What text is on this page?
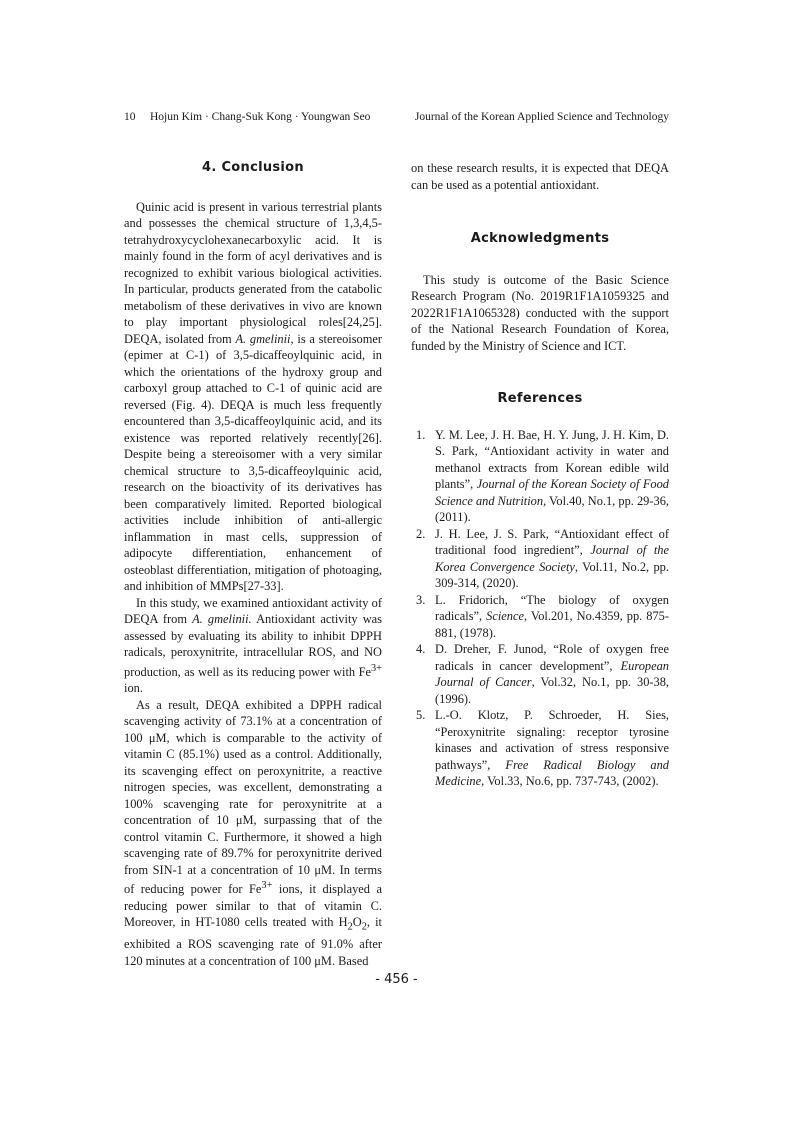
10 Hojun Kim · Chang-Suk Kong · Youngwan Seo	Journal of the Korean Applied Science and Technology
4. Conclusion

Quinic acid is present in various terrestrial plants and possesses the chemical structure of 1,3,4,5-tetrahydroxycyclohexanecarboxylic acid. It is mainly found in the form of acyl derivatives and is recognized to exhibit various biological activities. In particular, products generated from the catabolic metabolism of these derivatives in vivo are known to play important physiological roles[24,25]. DEQA, isolated from A. gmelinii, is a stereoisomer (epimer at C-1) of 3,5-dicaffeoylquinic acid, in which the orientations of the hydroxy group and carboxyl group attached to C-1 of quinic acid are reversed (Fig. 4). DEQA is much less frequently encountered than 3,5-dicaffeoylquinic acid, and its existence was reported relatively recently[26]. Despite being a stereoisomer with a very similar chemical structure to 3,5-dicaffeoylquinic acid, research on the bioactivity of its derivatives has been comparatively limited. Reported biological activities include inhibition of anti-allergic inflammation in mast cells, suppression of adipocyte differentiation, enhancement of osteoblast differentiation, mitigation of photoaging, and inhibition of MMPs[27-33].

In this study, we examined antioxidant activity of DEQA from A. gmelinii. Antioxidant activity was assessed by evaluating its ability to inhibit DPPH radicals, peroxynitrite, intracellular ROS, and NO production, as well as its reducing power with $Fe^{3+}$ ion.

As a result, DEQA exhibited a DPPH radical scavenging activity of 73.1% at a concentration of 100 μM, which is comparable to the activity of vitamin C (85.1%) used as a control. Additionally, its scavenging effect on peroxynitrite, a reactive nitrogen species, was excellent, demonstrating a 100% scavenging rate for peroxynitrite at a concentration of 10 μM, surpassing that of the control vitamin C. Furthermore, it showed a high scavenging rate of 89.7% for peroxynitrite derived from SIN-1 at a concentration of 10 μM. In terms of reducing power for $Fe^{3+}$ ions, it displayed a reducing power similar to that of vitamin C. Moreover, in HT-1080 cells treated with $H_2O_2$, it exhibited a ROS scavenging rate of 91.0% after 120 minutes at a concentration of 100 μM. Based

on these research results, it is expected that DEQA can be used as a potential antioxidant.

Acknowledgments

This study is outcome of the Basic Science Research Program (No. 2019R1F1A1059325 and 2022R1F1A1065328) conducted with the support of the National Research Foundation of Korea, funded by the Ministry of Science and ICT.

References
1. Y. M. Lee, J. H. Bae, H. Y. Jung, J. H. Kim, D. S. Park, “Antioxidant activity in water and methanol extracts from Korean edible wild plants”, Journal of the Korean Society of Food Science and Nutrition, Vol.40, No.1, pp. 29-36, (2011).
2. J. H. Lee, J. S. Park, “Antioxidant effect of traditional food ingredient”, Journal of the Korea Convergence Society, Vol.11, No.2, pp. 309-314, (2020).
3. L. Fridorich, “The biology of oxygen radicals”, Science, Vol.201, No.4359, pp. 875-881, (1978).
4. D. Dreher, F. Junod, “Role of oxygen free radicals in cancer development”, European Journal of Cancer, Vol.32, No.1, pp. 30-38, (1996).
5. L.-O. Klotz, P. Schroeder, H. Sies, “Peroxynitrite signaling: receptor tyrosine kinases and activation of stress responsive pathways”, Free Radical Biology and Medicine, Vol.33, No.6, pp. 737-743, (2002).
- 456 -
